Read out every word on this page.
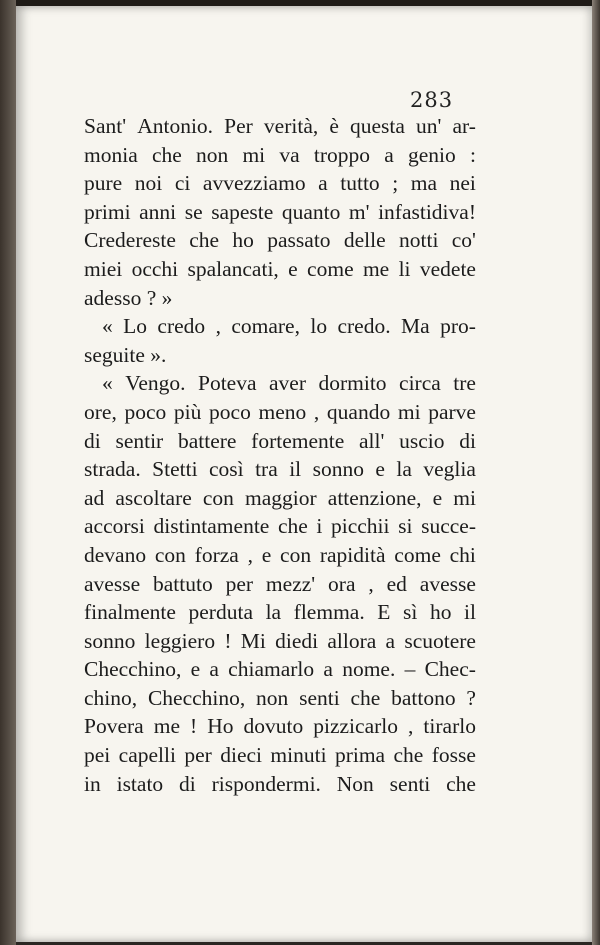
283
Sant' Antonio. Per verità, è questa un' ar-
monia che non mi va troppo a genio :
pure noi ci avvezziamo a tutto ; ma nei
primi anni se sapeste quanto m' infastidiva!
Credereste che ho passato delle notti co'
miei occhi spalancati, e come me li vedete
adesso ? »
« Lo credo , comare, lo credo. Ma pro-
seguite ».
« Vengo. Poteva aver dormito circa tre
ore, poco più poco meno , quando mi parve
di sentir battere fortemente all' uscio di
strada. Stetti così tra il sonno e la veglia
ad ascoltare con maggior attenzione, e mi
accorsi distintamente che i picchii si succe-
devano con forza , e con rapidità come chi
avesse battuto per mezz' ora , ed avesse
finalmente perduta la flemma. E sì ho il
sonno leggiero ! Mi diedi allora a scuotere
Checchino, e a chiamarlo a nome. – Chec-
chino, Checchino, non senti che battono ?
Povera me ! Ho dovuto pizzicarlo , tirarlo
pei capelli per dieci minuti prima che fosse
in istato di rispondermi. Non senti che
